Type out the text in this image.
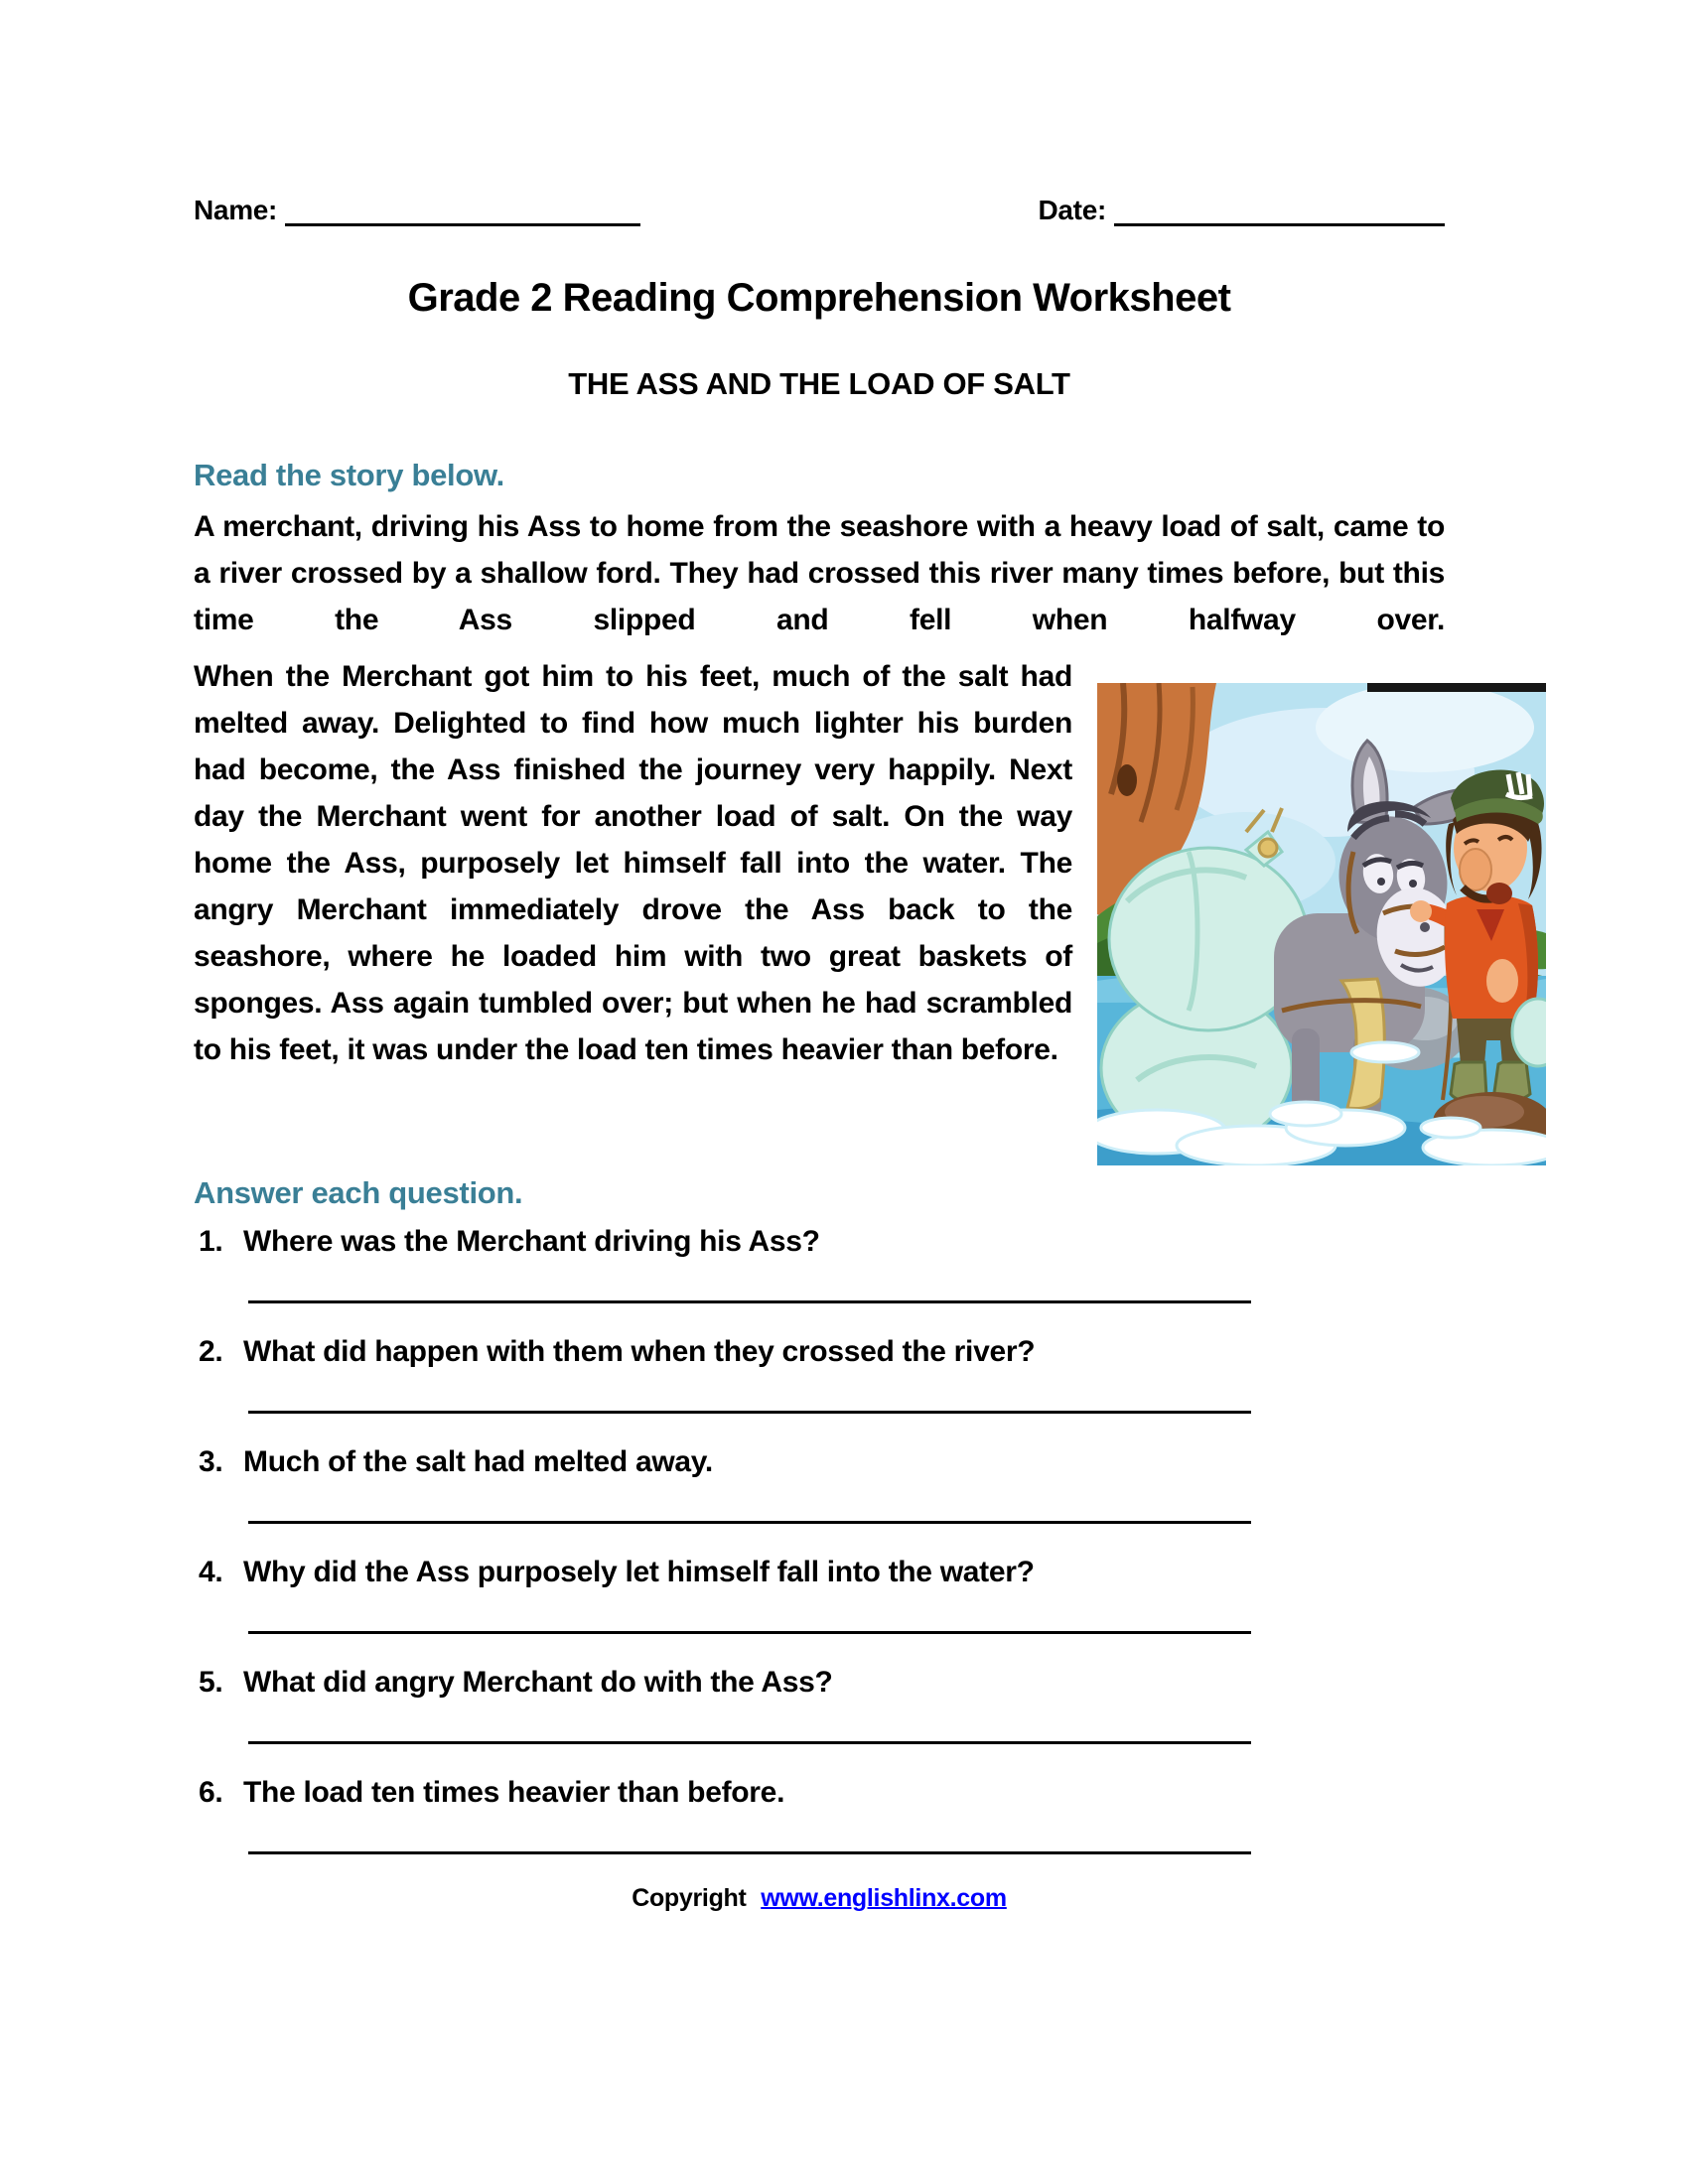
Name:	Date:
Grade 2 Reading Comprehension Worksheet
THE ASS AND THE LOAD OF SALT
Read the story below.

A merchant, driving his Ass to home from the seashore with a heavy load of salt, came to a river crossed by a shallow ford. They had crossed this river many times before, but this time the Ass slipped and fell when halfway over.

When the Merchant got him to his feet, much of the salt had melted away. Delighted to find how much lighter his burden had become, the Ass finished the journey very happily. Next day the Merchant went for another load of salt. On the way home the Ass, purposely let himself fall into the water. The angry Merchant immediately drove the Ass back to the seashore, where he loaded him with two great baskets of sponges. Ass again tumbled over; but when he had scrambled to his feet, it was under the load ten times heavier than before.

Answer each question.
1. Where was the Merchant driving his Ass?
2. What did happen with them when they crossed the river?
3. Much of the salt had melted away.
4. Why did the Ass purposely let himself fall into the water?
5. What did angry Merchant do with the Ass?
6. The load ten times heavier than before.
Copyright www.englishlinx.com
